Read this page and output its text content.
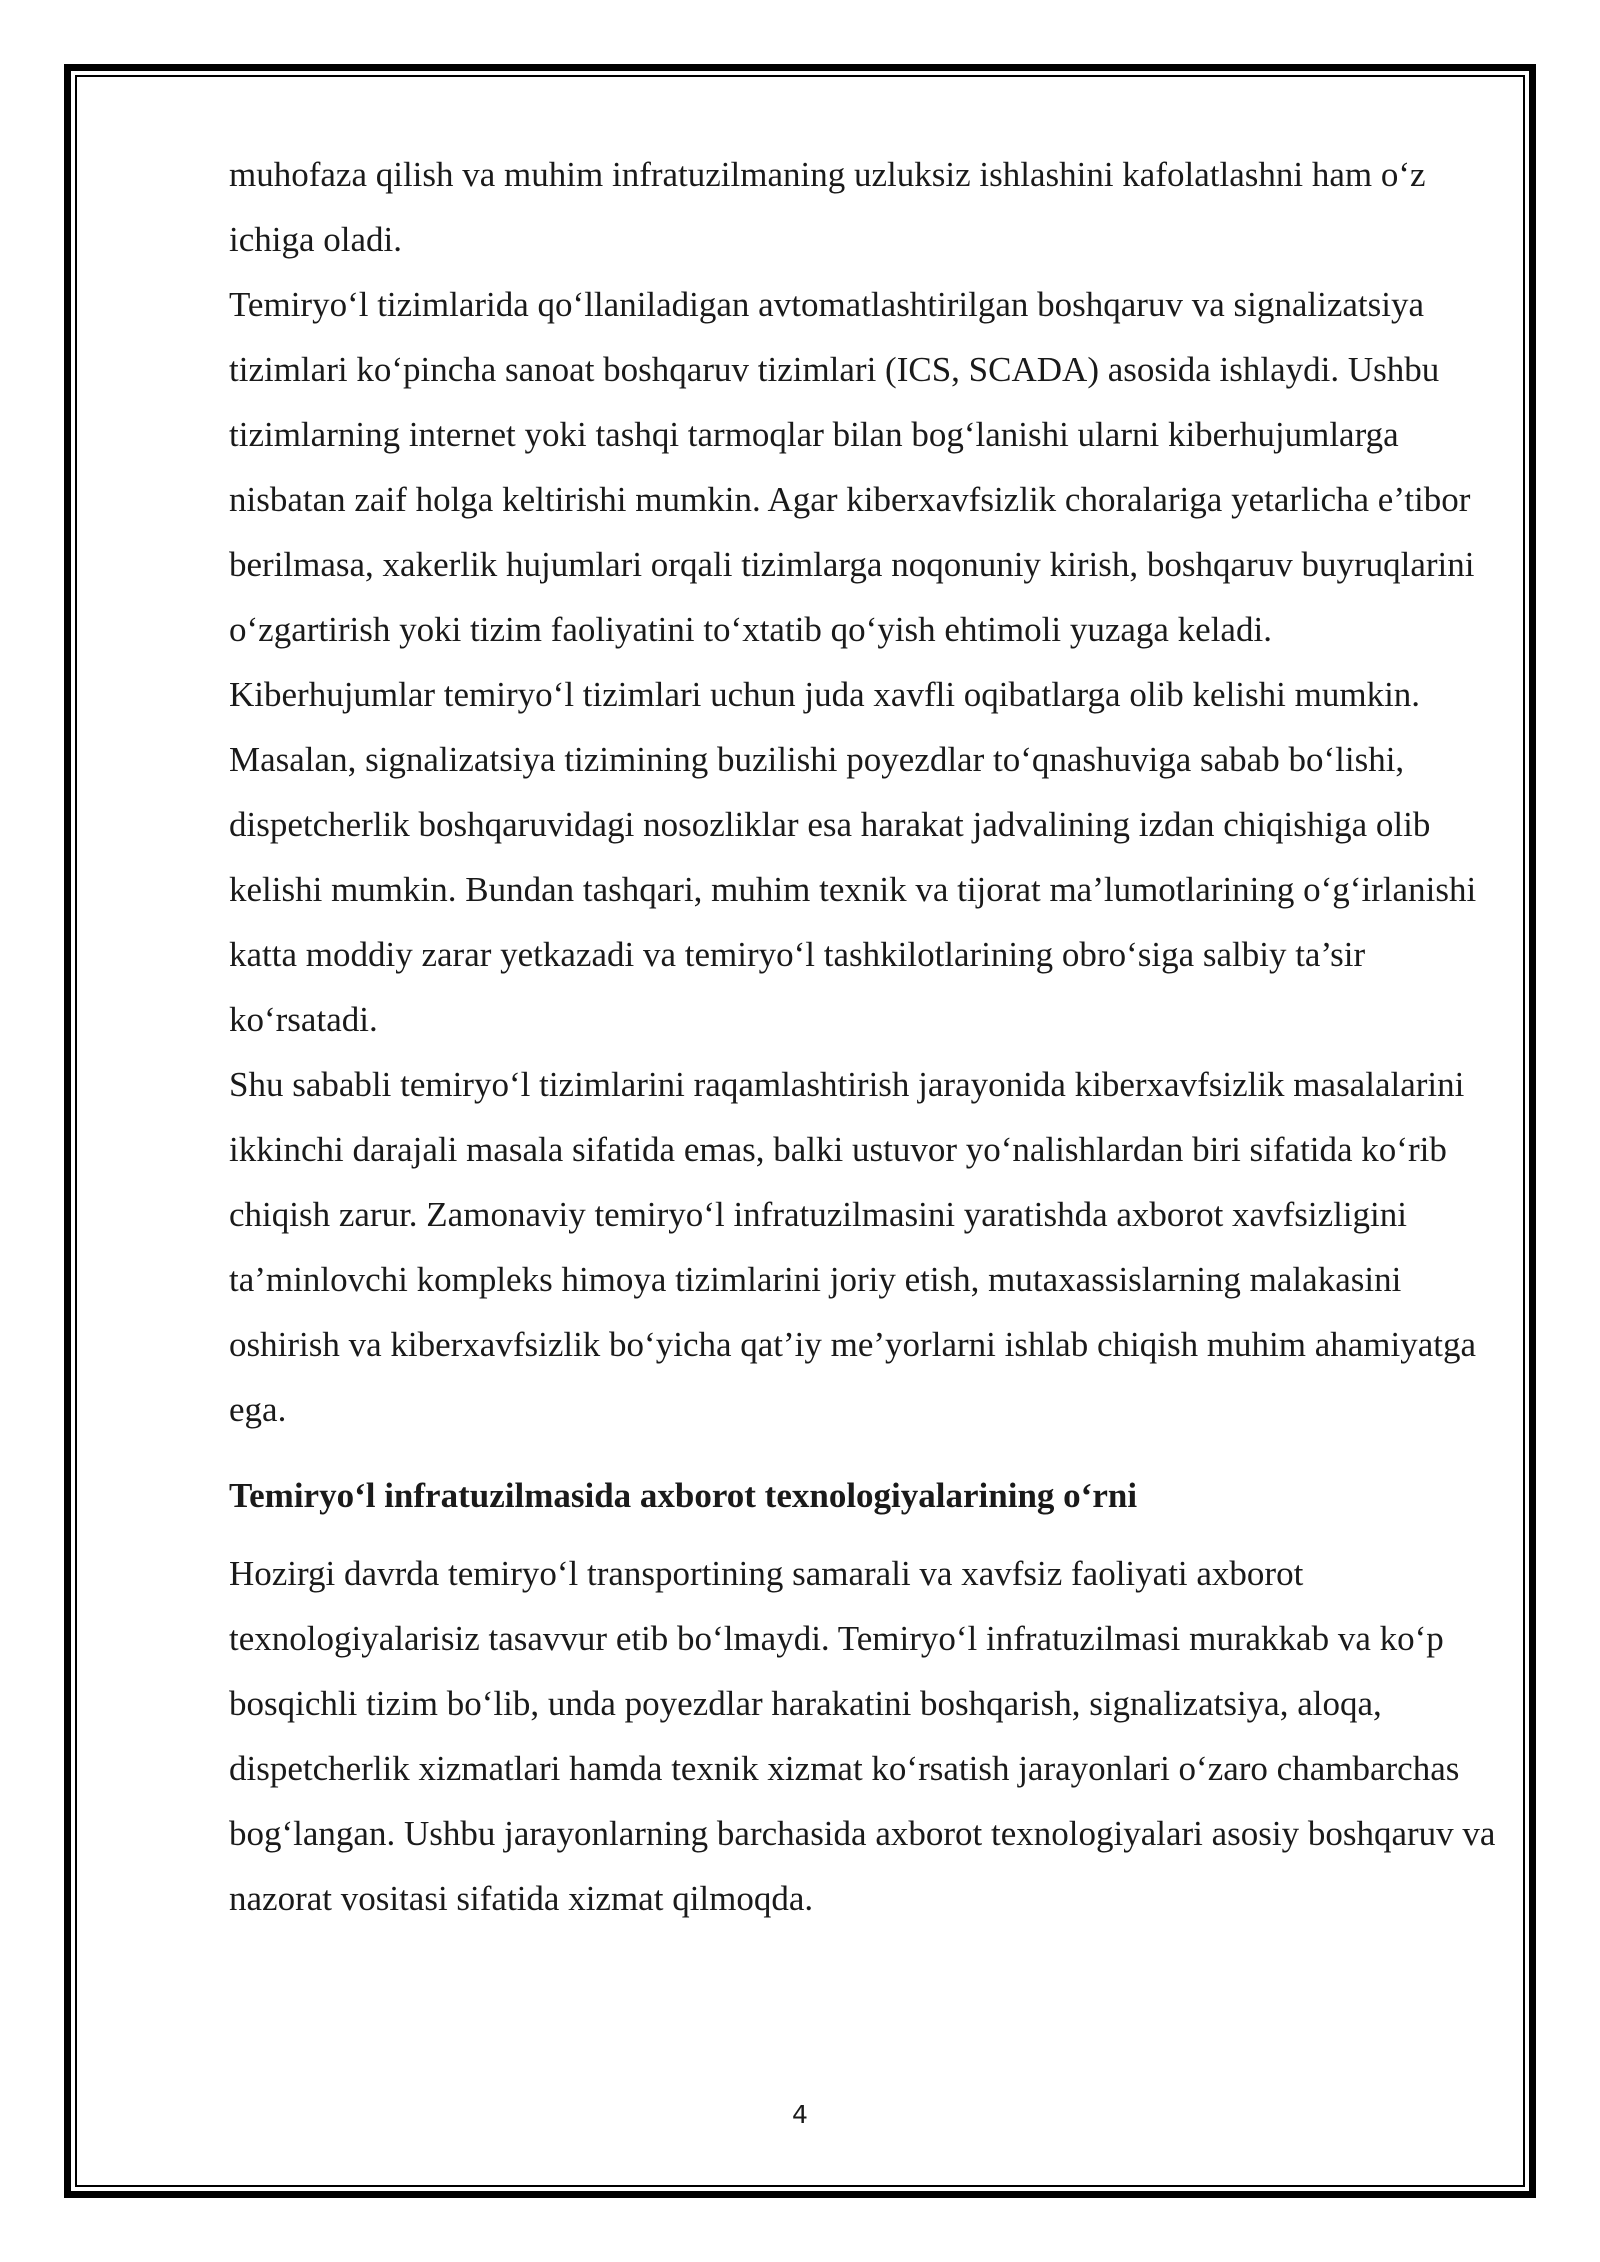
muhofaza qilish va muhim infratuzilmaning uzluksiz ishlashini kafolatlashni ham o‘z ichiga oladi.

Temiryo‘l tizimlarida qo‘llaniladigan avtomatlashtirilgan boshqaruv va signalizatsiya tizimlari ko‘pincha sanoat boshqaruv tizimlari (ICS, SCADA) asosida ishlaydi. Ushbu tizimlarning internet yoki tashqi tarmoqlar bilan bog‘lanishi ularni kiberhujumlarga nisbatan zaif holga keltirishi mumkin. Agar kiberxavfsizlik choralariga yetarlicha e’tibor berilmasa, xakerlik hujumlari orqali tizimlarga noqonuniy kirish, boshqaruv buyruqlarini o‘zgartirish yoki tizim faoliyatini to‘xtatib qo‘yish ehtimoli yuzaga keladi.

Kiberhujumlar temiryo‘l tizimlari uchun juda xavfli oqibatlarga olib kelishi mumkin. Masalan, signalizatsiya tizimining buzilishi poyezdlar to‘qnashuviga sabab bo‘lishi, dispetcherlik boshqaruvidagi nosozliklar esa harakat jadvalining izdan chiqishiga olib kelishi mumkin. Bundan tashqari, muhim texnik va tijorat ma’lumotlarining o‘g‘irlanishi katta moddiy zarar yetkazadi va temiryo‘l tashkilotlarining obro‘siga salbiy ta’sir ko‘rsatadi.

Shu sababli temiryo‘l tizimlarini raqamlashtirish jarayonida kiberxavfsizlik masalalarini ikkinchi darajali masala sifatida emas, balki ustuvor yo‘nalishlardan biri sifatida ko‘rib chiqish zarur. Zamonaviy temiryo‘l infratuzilmasini yaratishda axborot xavfsizligini ta’minlovchi kompleks himoya tizimlarini joriy etish, mutaxassislarning malakasini oshirish va kiberxavfsizlik bo‘yicha qat’iy me’yorlarni ishlab chiqish muhim ahamiyatga ega.

Temiryo‘l infratuzilmasida axborot texnologiyalarining o‘rni

Hozirgi davrda temiryo‘l transportining samarali va xavfsiz faoliyati axborot texnologiyalarisiz tasavvur etib bo‘lmaydi. Temiryo‘l infratuzilmasi murakkab va ko‘p bosqichli tizim bo‘lib, unda poyezdlar harakatini boshqarish, signalizatsiya, aloqa, dispetcherlik xizmatlari hamda texnik xizmat ko‘rsatish jarayonlari o‘zaro chambarchas bog‘langan. Ushbu jarayonlarning barchasida axborot texnologiyalari asosiy boshqaruv va nazorat vositasi sifatida xizmat qilmoqda.

4
